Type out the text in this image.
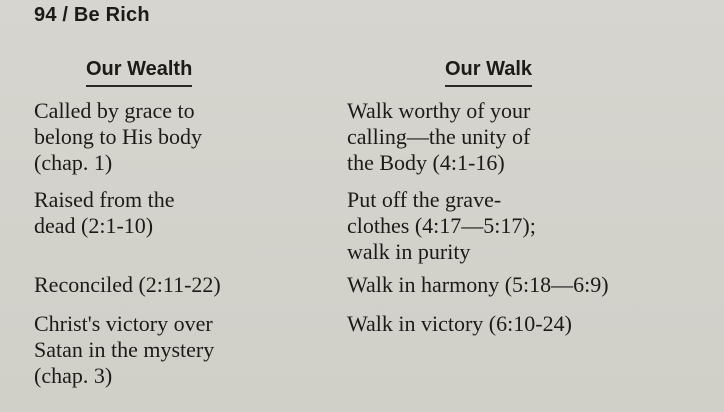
94 / Be Rich
Our Wealth	Our Walk
Called by grace to
belong to His body
(chap. 1)
Walk worthy of your
calling—the unity of
the Body (4:1-16)
Raised from the
dead (2:1-10)
Put off the grave-
clothes (4:17—5:17);
walk in purity
Reconciled (2:11-22)	Walk in harmony (5:18—6:9)
Christ's victory over
Satan in the mystery
(chap. 3)
Walk in victory (6:10-24)
